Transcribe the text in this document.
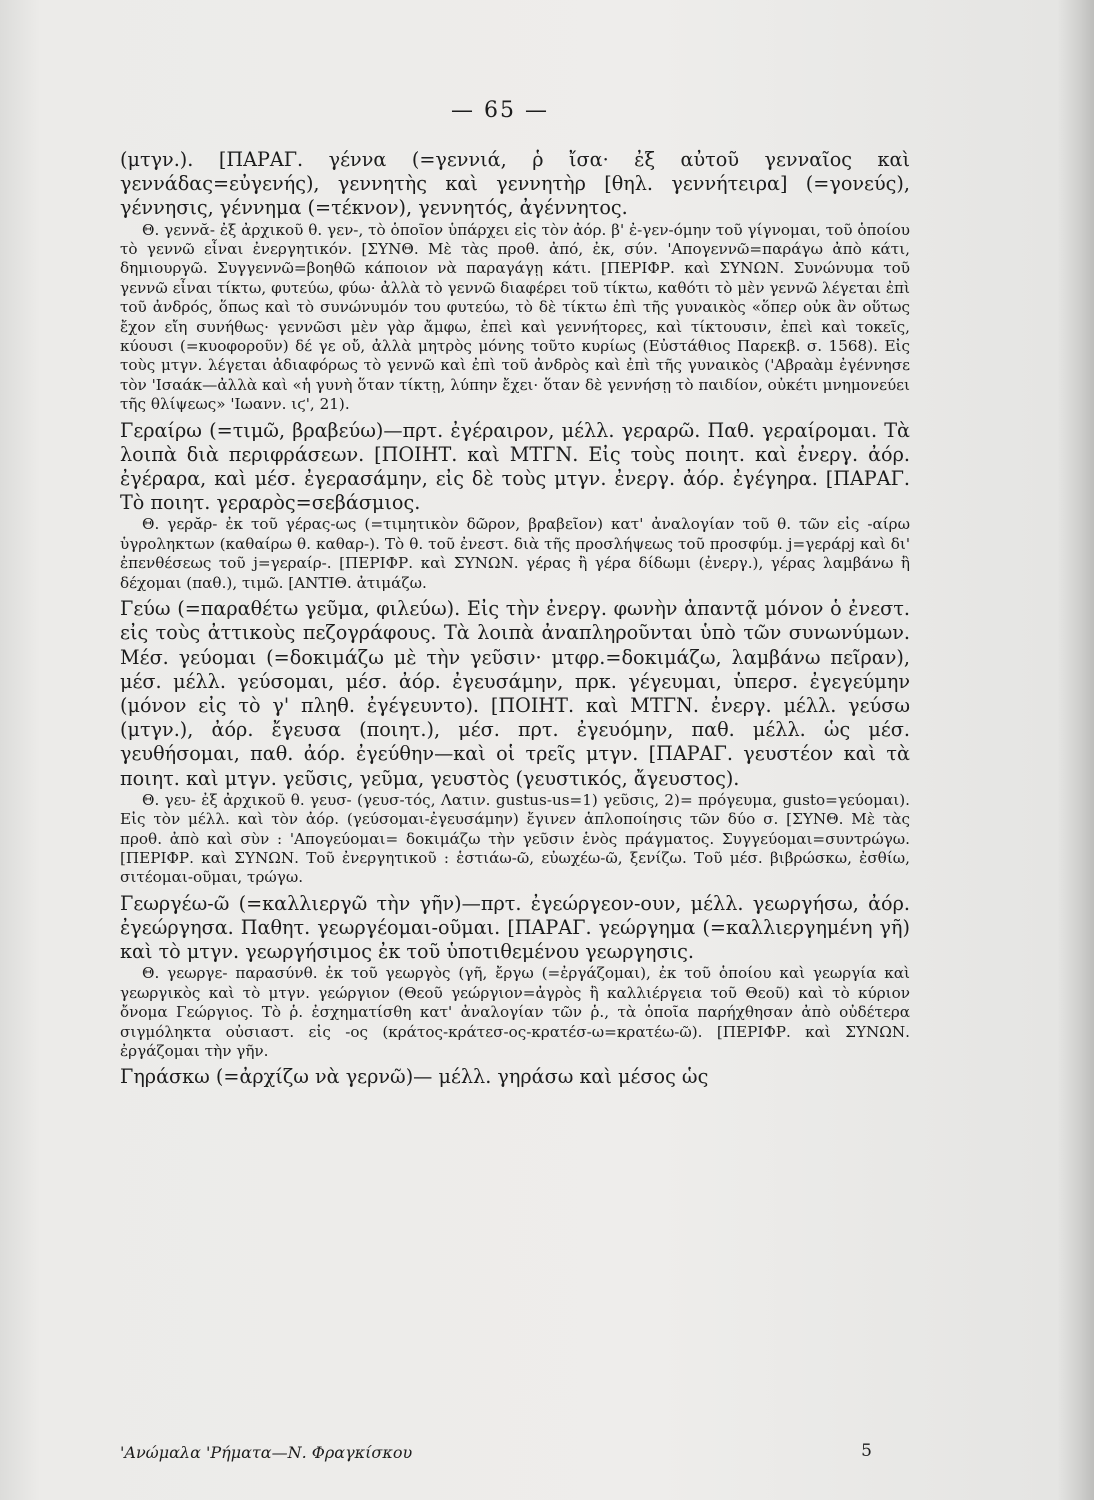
— 65 —

(μτγν.). [ΠΑΡΑΓ. γέννα (=γεννιά, ῥ ἴσα· ἐξ αὐτοῦ γενναῖος καὶ γεννάδας=εὐγενής), γεννητὴς καὶ γεννητὴρ [θηλ. γεννήτειρα] (=γονεύς), γέννησις, γέννημα (=τέκνον), γεννητός, ἀγέννητος.

Θ. γεννᾰ- ἐξ ἀρχικοῦ θ. γεν-, τὸ ὁποῖον ὑπάρχει εἰς τὸν ἀόρ. β' ἐ-γεν-όμην τοῦ γίγνομαι, τοῦ ὁποίου τὸ γεννῶ εἶναι ἐνεργητικόν. [ΣΥΝΘ. Μὲ τὰς προθ. ἀπό, ἐκ, σύν. 'Απογεννῶ=παράγω ἀπὸ κάτι, δημιουργῶ. Συγγεννῶ=βοηθῶ κάποιον νὰ παραγάγῃ κάτι. [ΠΕΡΙΦΡ. καὶ ΣΥΝΩΝ. Συνώνυμα τοῦ γεννῶ εἶναι τίκτω, φυτεύω, φύω· ἀλλὰ τὸ γεννῶ διαφέρει τοῦ τίκτω, καθότι τὸ μὲν γεννῶ λέγεται ἐπὶ τοῦ ἀνδρός, ὅπως καὶ τὸ συνώνυμόν του φυτεύω, τὸ δὲ τίκτω ἐπὶ τῆς γυναικὸς «ὅπερ οὐκ ἂν οὕτως ἔχον εἴη συνήθως· γεννῶσι μὲν γὰρ ἄμφω, ἐπεὶ καὶ γεννήτορες, καὶ τίκτουσιν, ἐπεὶ καὶ τοκεῖς, κύουσι (=κυοφοροῦν) δέ γε οὔ, ἀλλὰ μητρὸς μόνης τοῦτο κυρίως (Εὐστάθιος Παρεκβ. σ. 1568). Εἰς τοὺς μτγν. λέγεται ἀδιαφόρως τὸ γεννῶ καὶ ἐπὶ τοῦ ἀνδρὸς καὶ ἐπὶ τῆς γυναικὸς ('Αβραὰμ ἐγέννησε τὸν 'Ισαάκ—ἀλλὰ καὶ «ἡ γυνὴ ὅταν τίκτῃ, λύπην ἔχει· ὅταν δὲ γεννήσῃ τὸ παιδίον, οὐκέτι μνημονεύει τῆς θλίψεως» 'Ιωανν. ιϛ', 21).

Γεραίρω (=τιμῶ, βραβεύω)—πρτ. ἐγέραιρον, μέλλ. γεραρῶ. Παθ. γεραίρομαι. Τὰ λοιπὰ διὰ περιφράσεων. [ΠΟΙΗΤ. καὶ ΜΤΓΝ. Εἰς τοὺς ποιητ. καὶ ἐνεργ. ἀόρ. ἐγέραρα, καὶ μέσ. ἐγερασάμην, εἰς δὲ τοὺς μτγν. ἐνεργ. ἀόρ. ἐγέγηρα. [ΠΑΡΑΓ. Τὸ ποιητ. γεραρὸς=σεβάσμιος.

Θ. γερᾰρ- ἐκ τοῦ γέρας-ως (=τιμητικὸν δῶρον, βραβεῖον) κατ' ἀναλογίαν τοῦ θ. τῶν εἰς -αίρω ὑγροληκτων (καθαίρω θ. καθαρ-). Τὸ θ. τοῦ ἐνεστ. διὰ τῆς προσλήψεως τοῦ προσφύμ. j=γεράρj καὶ δι' ἐπενθέσεως τοῦ j=γεραίρ-. [ΠΕΡΙΦΡ. καὶ ΣΥΝΩΝ. γέρας ἢ γέρα δίδωμι (ἐνεργ.), γέρας λαμβάνω ἢ δέχομαι (παθ.), τιμῶ. [ΑΝΤΙΘ. ἀτιμάζω.

Γεύω (=παραθέτω γεῦμα, φιλεύω). Εἰς τὴν ἐνεργ. φωνὴν ἀπαντᾷ μόνον ὁ ἐνεστ. εἰς τοὺς ἀττικοὺς πεζογράφους. Τὰ λοιπὰ ἀναπληροῦνται ὑπὸ τῶν συνωνύμων. Μέσ. γεύομαι (=δοκιμάζω μὲ τὴν γεῦσιν· μτφρ.=δοκιμάζω, λαμβάνω πεῖραν), μέσ. μέλλ. γεύσομαι, μέσ. ἀόρ. ἐγευσάμην, πρκ. γέγευμαι, ὑπερσ. ἐγεγεύμην (μόνον εἰς τὸ γ' πληθ. ἐγέγευντο). [ΠΟΙΗΤ. καὶ ΜΤΓΝ. ἐνεργ. μέλλ. γεύσω (μτγν.), ἀόρ. ἔγευσα (ποιητ.), μέσ. πρτ. ἐγευόμην, παθ. μέλλ. ὡς μέσ. γευθήσομαι, παθ. ἀόρ. ἐγεύθην—καὶ οἱ τρεῖς μτγν. [ΠΑΡΑΓ. γευστέον καὶ τὰ ποιητ. καὶ μτγν. γεῦσις, γεῦμα, γευστὸς (γευστικός, ἄγευστος).

Θ. γευ- ἐξ ἀρχικοῦ θ. γευσ- (γευσ-τός, Λατιν. gustus-us=1) γεῦσις, 2)= πρόγευμα, gusto=γεύομαι). Εἰς τὸν μέλλ. καὶ τὸν ἀόρ. (γεύσομαι-ἐγευσάμην) ἔγινεν ἁπλοποίησις τῶν δύο σ. [ΣΥΝΘ. Μὲ τὰς προθ. ἀπὸ καὶ σὺν : 'Απογεύομαι= δοκιμάζω τὴν γεῦσιν ἑνὸς πράγματος. Συγγεύομαι=συντρώγω. [ΠΕΡΙΦΡ. καὶ ΣΥΝΩΝ. Τοῦ ἐνεργητικοῦ : ἑστιάω-ῶ, εὐωχέω-ῶ, ξενίζω. Τοῦ μέσ. βιβρώσκω, ἐσθίω, σιτέομαι-οῦμαι, τρώγω.

Γεωργέω-ῶ (=καλλιεργῶ τὴν γῆν)—πρτ. ἐγεώργεον-ουν, μέλλ. γεωργήσω, ἀόρ. ἐγεώργησα. Παθητ. γεωργέομαι-οῦμαι. [ΠΑΡΑΓ. γεώργημα (=καλλιεργημένη γῆ) καὶ τὸ μτγν. γεωργήσιμος ἐκ τοῦ ὑποτιθεμένου γεωργησις.

Θ. γεωργε- παρασύνθ. ἐκ τοῦ γεωργὸς (γῆ, ἔργω (=ἐργάζομαι), ἐκ τοῦ ὁποίου καὶ γεωργία καὶ γεωργικὸς καὶ τὸ μτγν. γεώργιον (Θεοῦ γεώργιον=ἀγρὸς ἢ καλλιέργεια τοῦ Θεοῦ) καὶ τὸ κύριον ὄνομα Γεώργιος. Τὸ ῥ. ἐσχηματίσθη κατ' ἀναλογίαν τῶν ῥ., τὰ ὁποῖα παρήχθησαν ἀπὸ οὐδέτερα σιγμόληκτα οὐσιαστ. εἰς -ος (κράτος-κράτεσ-ος-κρατέσ-ω=κρατέω-ῶ). [ΠΕΡΙΦΡ. καὶ ΣΥΝΩΝ. ἐργάζομαι τὴν γῆν.

Γηράσκω (=ἀρχίζω νὰ γερνῶ)— μέλλ. γηράσω καὶ μέσος ὡς

'Ανώμαλα 'Ρήματα—Ν. Φραγκίσκου	5
